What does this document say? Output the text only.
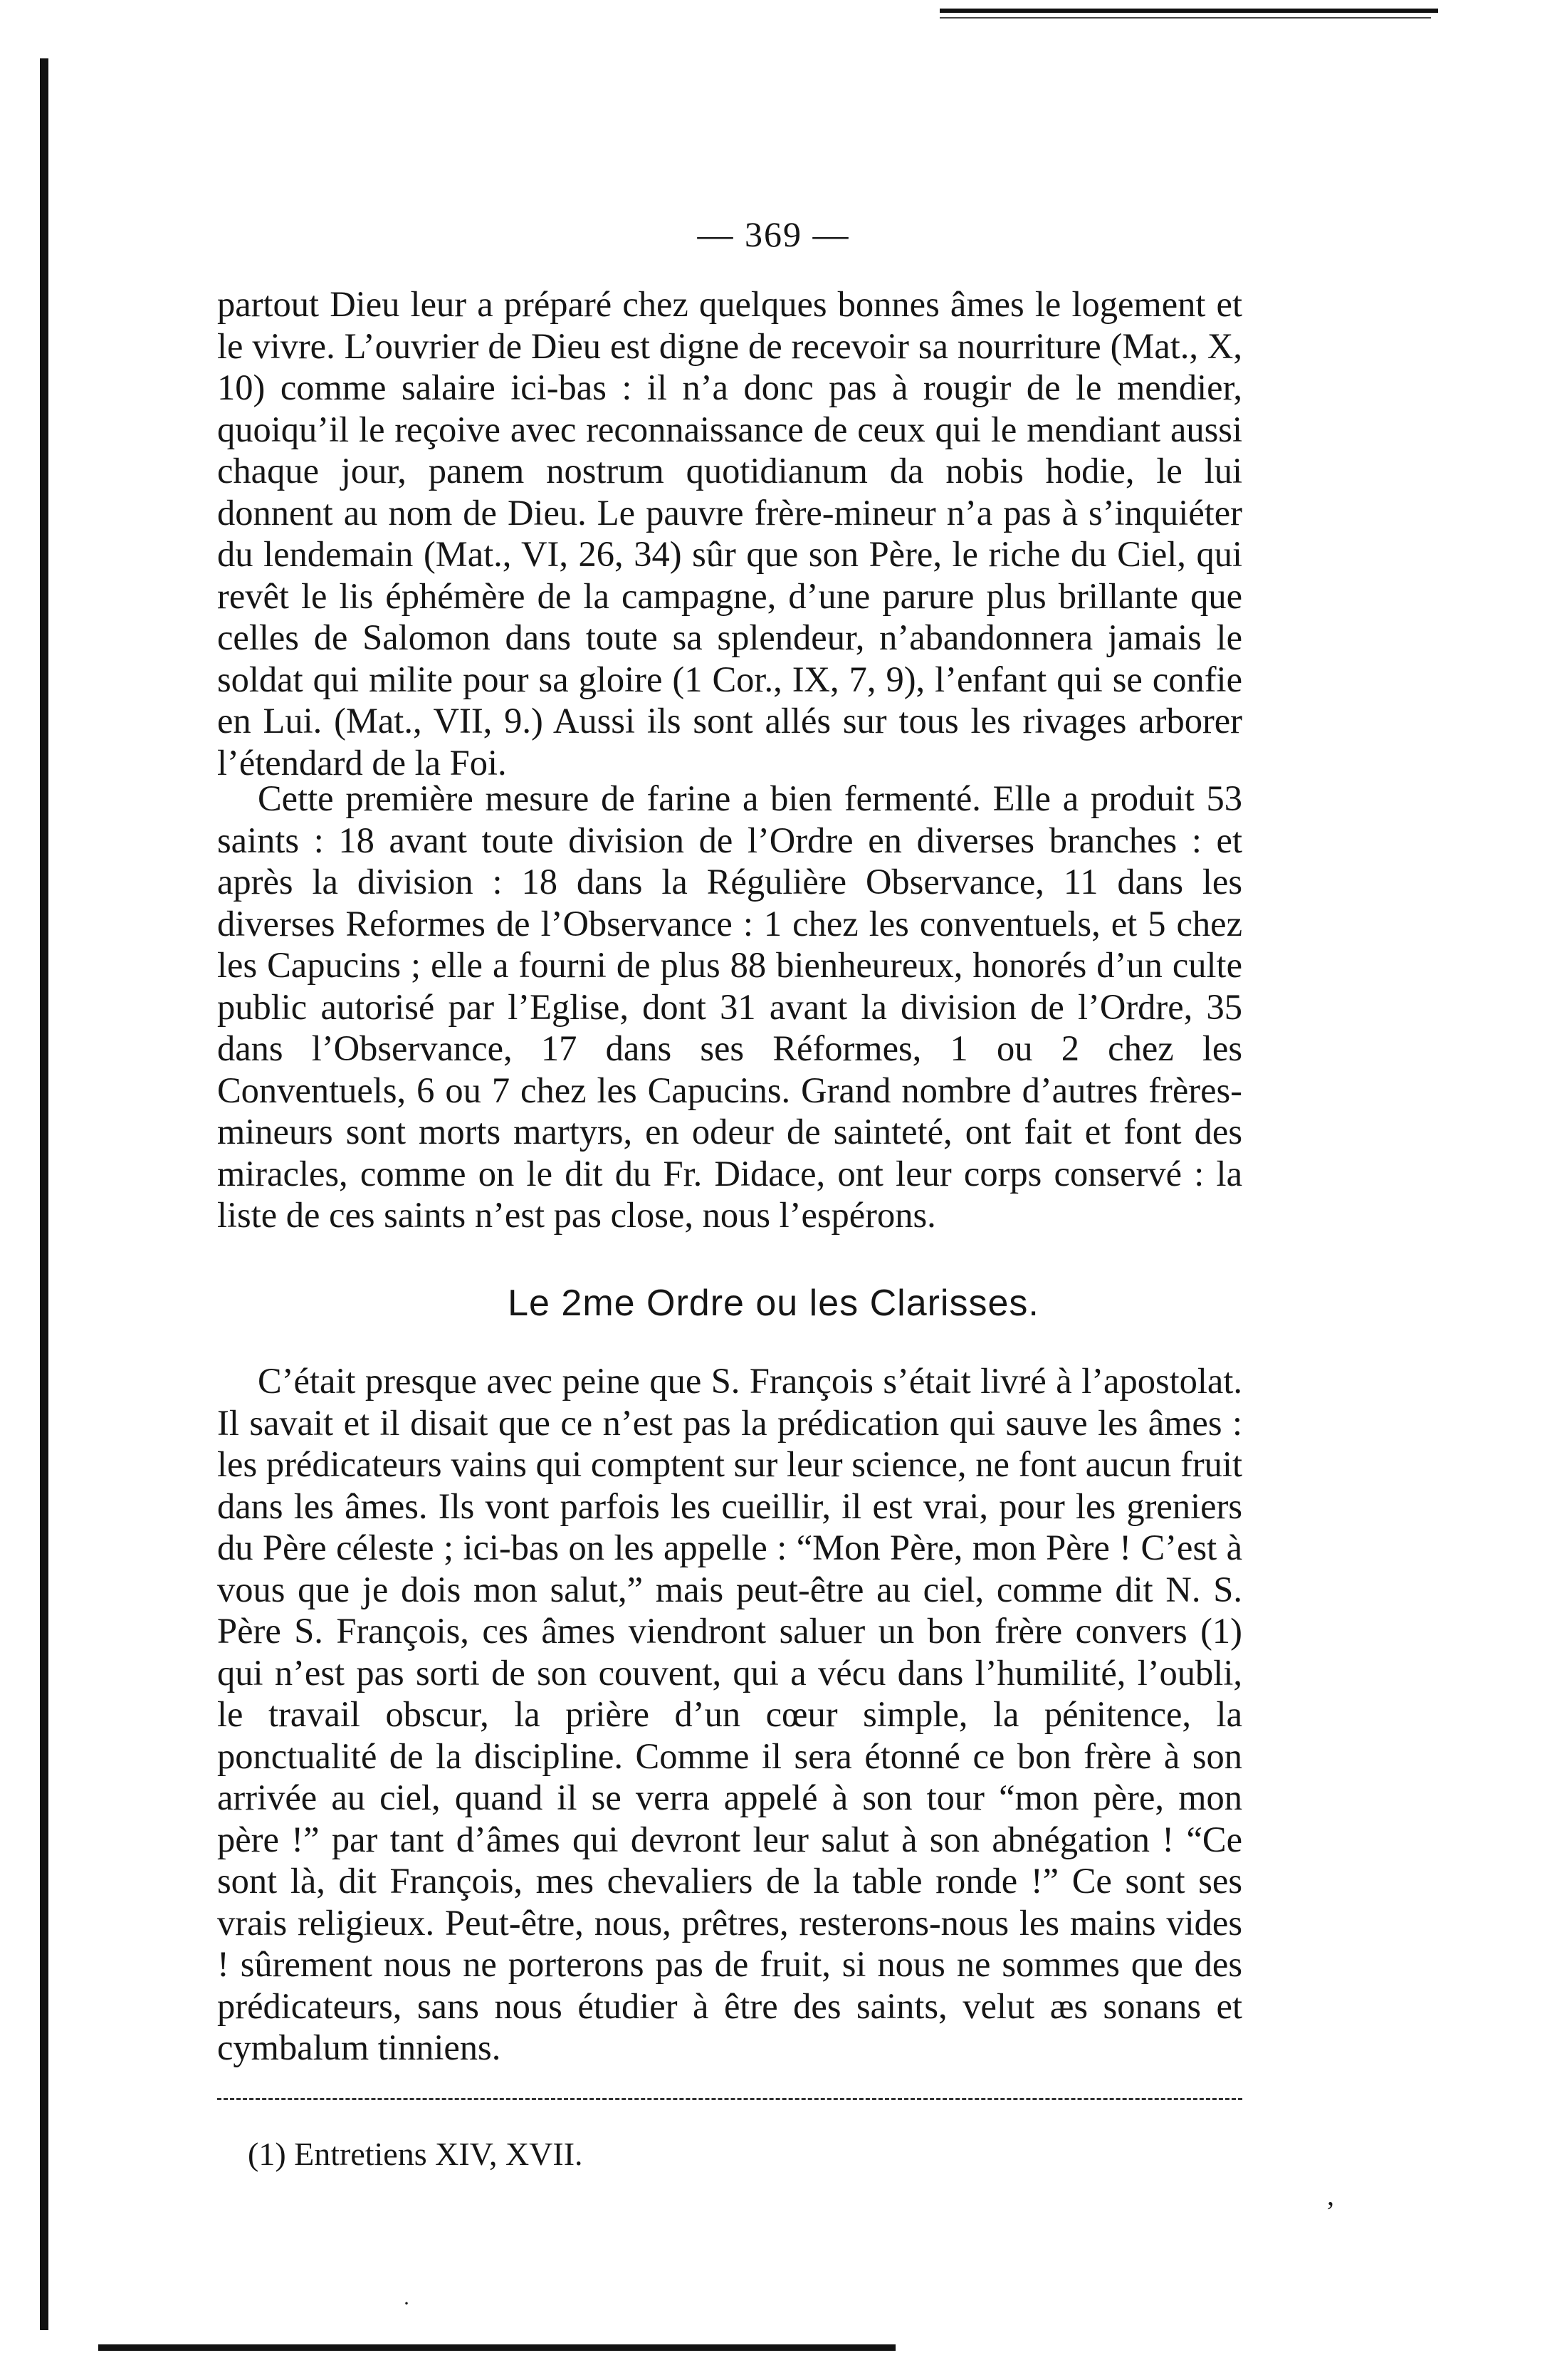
— 369 —

partout Dieu leur a préparé chez quelques bonnes âmes le logement et le vivre. L’ouvrier de Dieu est digne de recevoir sa nourriture (Mat., X, 10) comme salaire ici-bas : il n’a donc pas à rougir de le mendier, quoiqu’il le reçoive avec reconnaissance de ceux qui le mendiant aussi chaque jour, panem nostrum quotidianum da nobis hodie, le lui donnent au nom de Dieu. Le pauvre frère-mineur n’a pas à s’inquiéter du lendemain (Mat., VI, 26, 34) sûr que son Père, le riche du Ciel, qui revêt le lis éphémère de la campagne, d’une parure plus brillante que celles de Salomon dans toute sa splendeur, n’abandonnera jamais le soldat qui milite pour sa gloire (1 Cor., IX, 7, 9), l’enfant qui se confie en Lui. (Mat., VII, 9.) Aussi ils sont allés sur tous les rivages arborer l’étendard de la Foi.

Cette première mesure de farine a bien fermenté. Elle a produit 53 saints : 18 avant toute division de l’Ordre en diverses branches : et après la division : 18 dans la Régulière Observance, 11 dans les diverses Reformes de l’Observance : 1 chez les conventuels, et 5 chez les Capucins ; elle a fourni de plus 88 bienheureux, honorés d’un culte public autorisé par l’Eglise, dont 31 avant la division de l’Ordre, 35 dans l’Observance, 17 dans ses Réformes, 1 ou 2 chez les Conventuels, 6 ou 7 chez les Capucins. Grand nombre d’autres frères-mineurs sont morts martyrs, en odeur de sainteté, ont fait et font des miracles, comme on le dit du Fr. Didace, ont leur corps conservé : la liste de ces saints n’est pas close, nous l’espérons.

Le 2me Ordre ou les Clarisses.

C’était presque avec peine que S. François s’était livré à l’apostolat. Il savait et il disait que ce n’est pas la prédication qui sauve les âmes : les prédicateurs vains qui comptent sur leur science, ne font aucun fruit dans les âmes. Ils vont parfois les cueillir, il est vrai, pour les greniers du Père céleste ; ici-bas on les appelle : “Mon Père, mon Père ! C’est à vous que je dois mon salut,” mais peut-être au ciel, comme dit N. S. Père S. François, ces âmes viendront saluer un bon frère convers (1) qui n’est pas sorti de son couvent, qui a vécu dans l’humilité, l’oubli, le travail obscur, la prière d’un cœur simple, la pénitence, la ponctualité de la discipline. Comme il sera étonné ce bon frère à son arrivée au ciel, quand il se verra appelé à son tour “mon père, mon père !” par tant d’âmes qui devront leur salut à son abnégation ! “Ce sont là, dit François, mes chevaliers de la table ronde !” Ce sont ses vrais religieux. Peut-être, nous, prêtres, resterons-nous les mains vides ! sûrement nous ne porterons pas de fruit, si nous ne sommes que des prédicateurs, sans nous étudier à être des saints, velut æs sonans et cymbalum tinniens.

(1) Entretiens XIV, XVII.
ʼ
·
